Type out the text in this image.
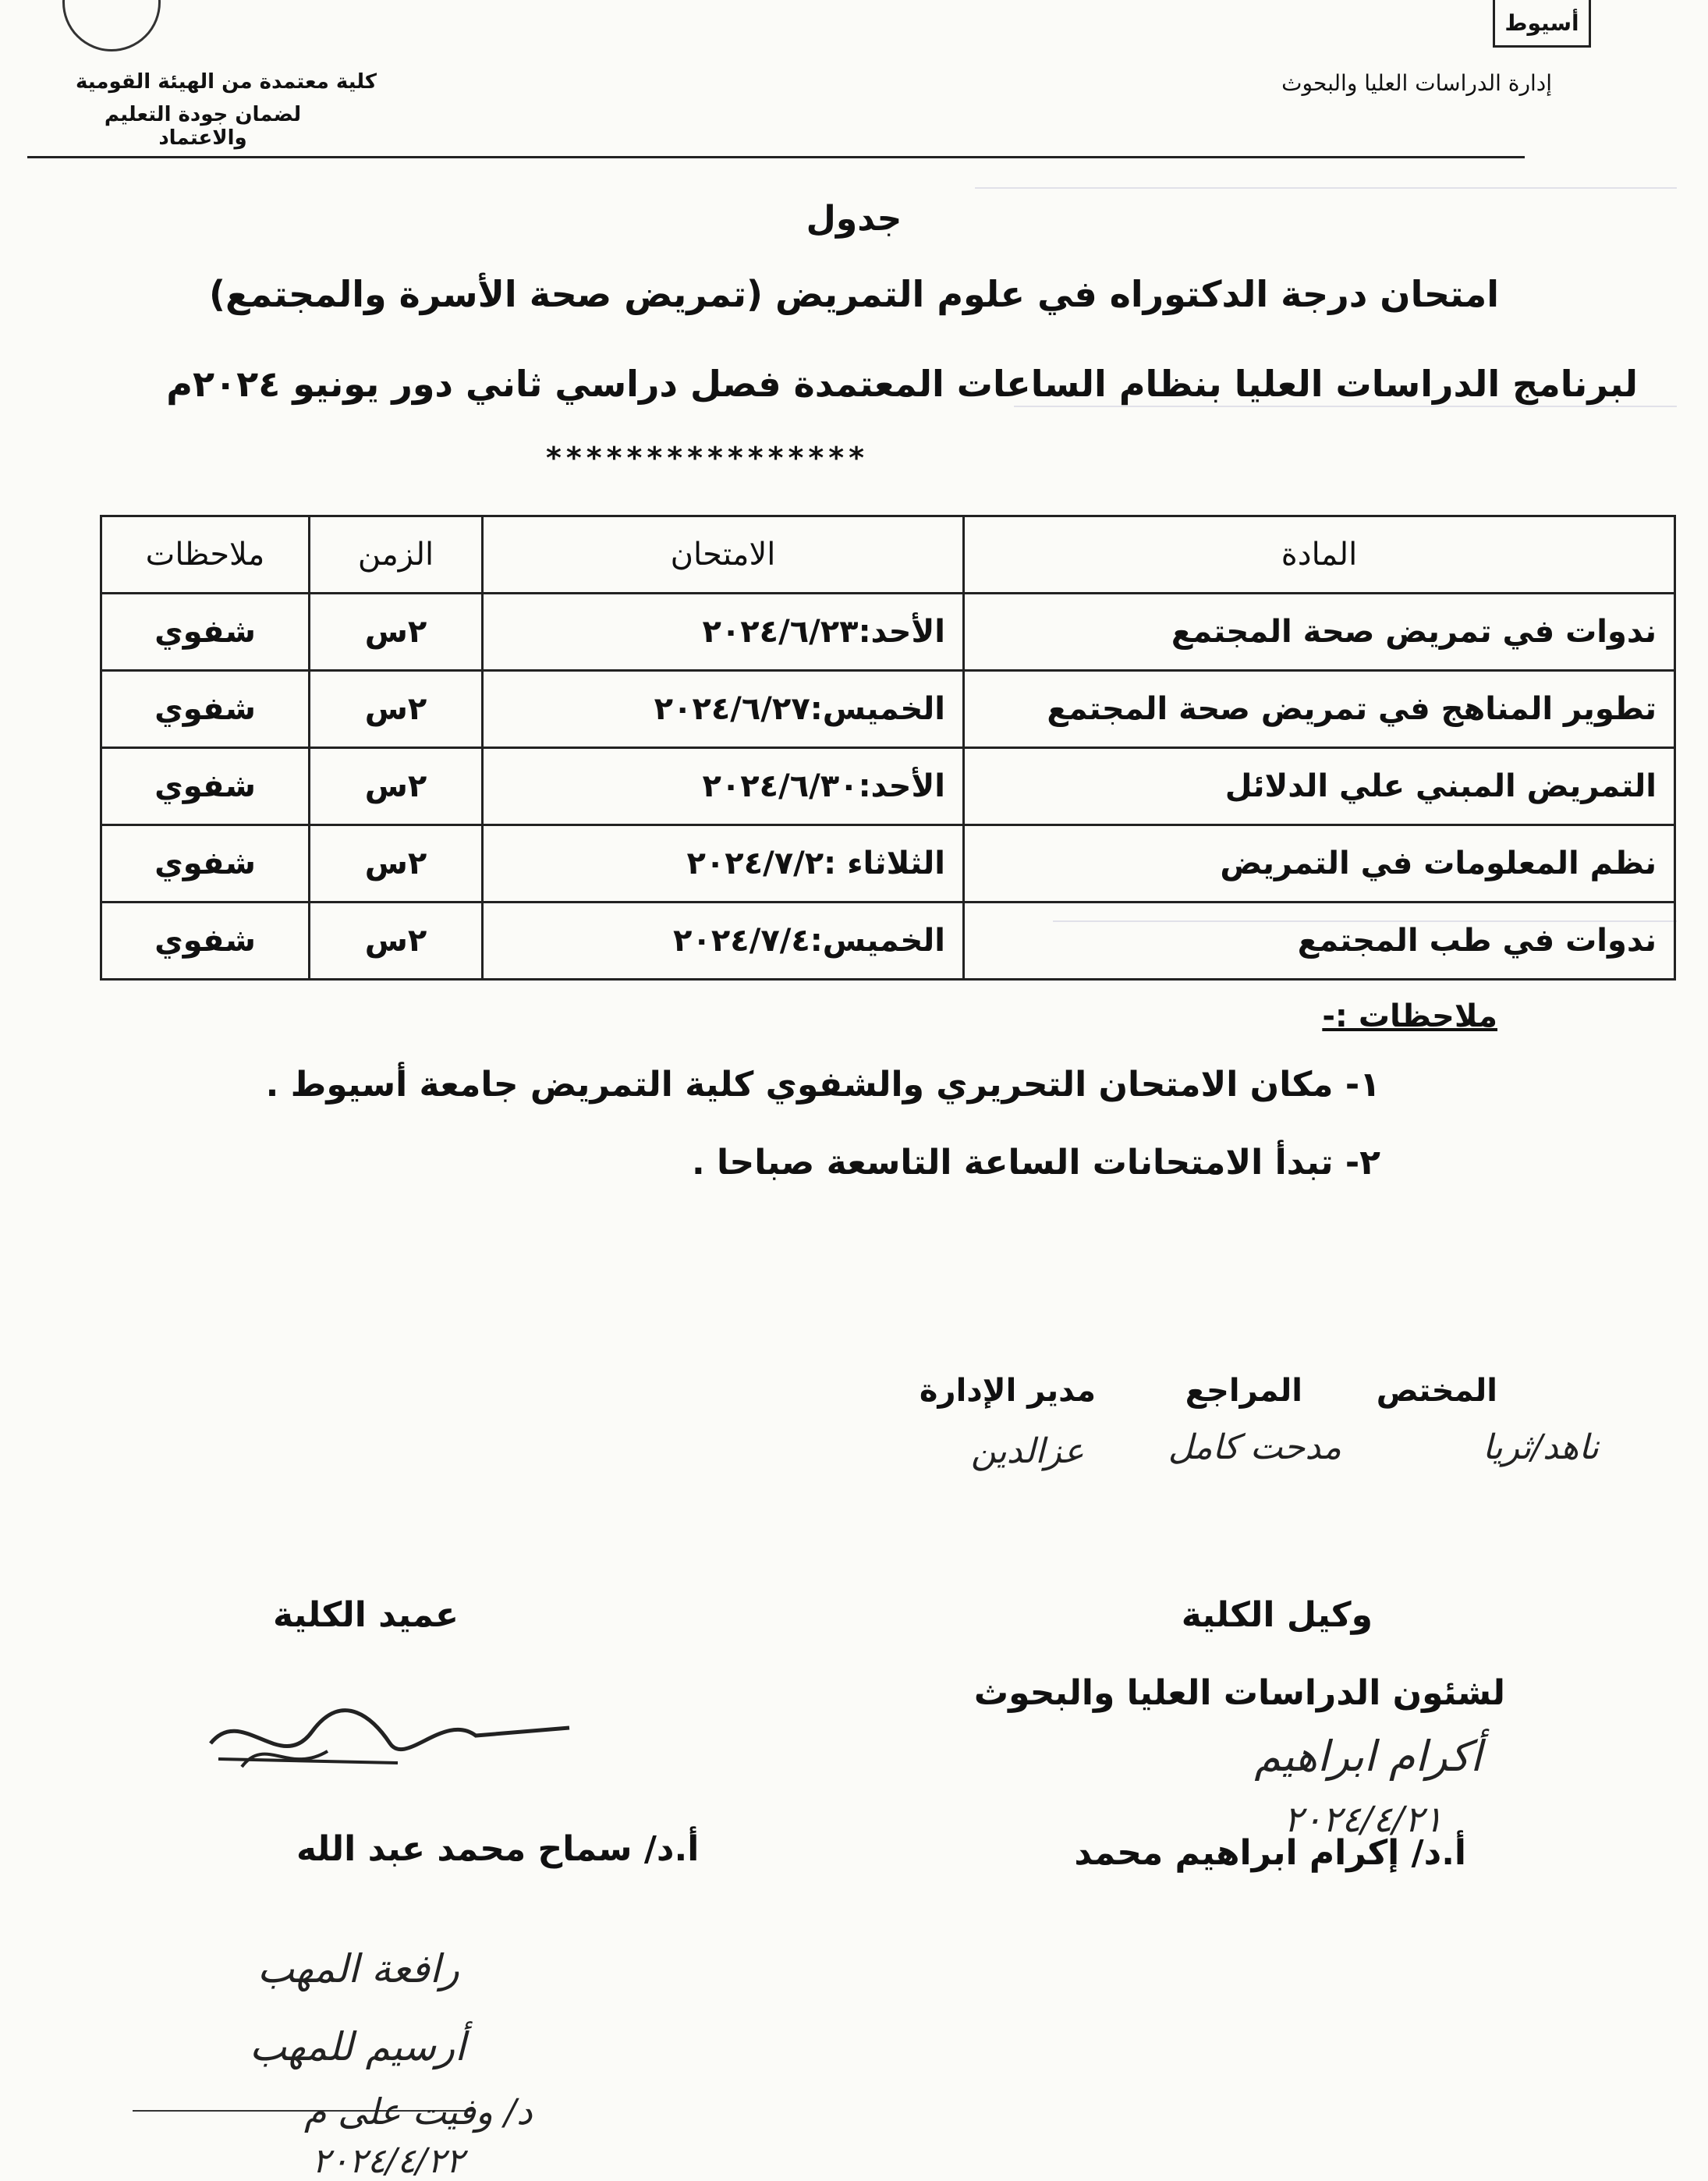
أسيوط
إدارة الدراسات العليا والبحوث
كلية معتمدة من الهيئة القومية
لضمان جودة التعليم والاعتماد
جدول
امتحان درجة الدكتوراه في علوم التمريض (تمريض صحة الأسرة والمجتمع)
لبرنامج الدراسات العليا بنظام الساعات المعتمدة فصل دراسي ثاني دور يونيو ٢٠٢٤م
****************
المادة	الامتحان	الزمن	ملاحظات
ندوات في تمريض صحة المجتمع	الأحد:٢٠٢٤/٦/٢٣	٢س	شفوي
تطوير المناهج في تمريض صحة المجتمع	الخميس:٢٠٢٤/٦/٢٧	٢س	شفوي
التمريض المبني علي الدلائل	الأحد:٢٠٢٤/٦/٣٠	٢س	شفوي
نظم المعلومات في التمريض	الثلاثاء :٢٠٢٤/٧/٢	٢س	شفوي
ندوات في طب المجتمع	الخميس:٢٠٢٤/٧/٤	٢س	شفوي
ملاحظات :-
١- مكان الامتحان التحريري والشفوي كلية التمريض جامعة أسيوط .
٢- تبدأ الامتحانات الساعة التاسعة صباحا .
المختص
المراجع
مدير الإدارة
ناهد/ثريا
مدحت كامل
عزالدين
وكيل الكلية
لشئون الدراسات العليا والبحوث
أكرام ابراهيم
٢٠٢٤/٤/٢١
أ.د/ إكرام ابراهيم محمد
عميد الكلية
أ.د/ سماح محمد عبد الله
رافعة المهب
أرسيم للمهب
د/ وفيت على م
٢٠٢٤/٤/٢٢
